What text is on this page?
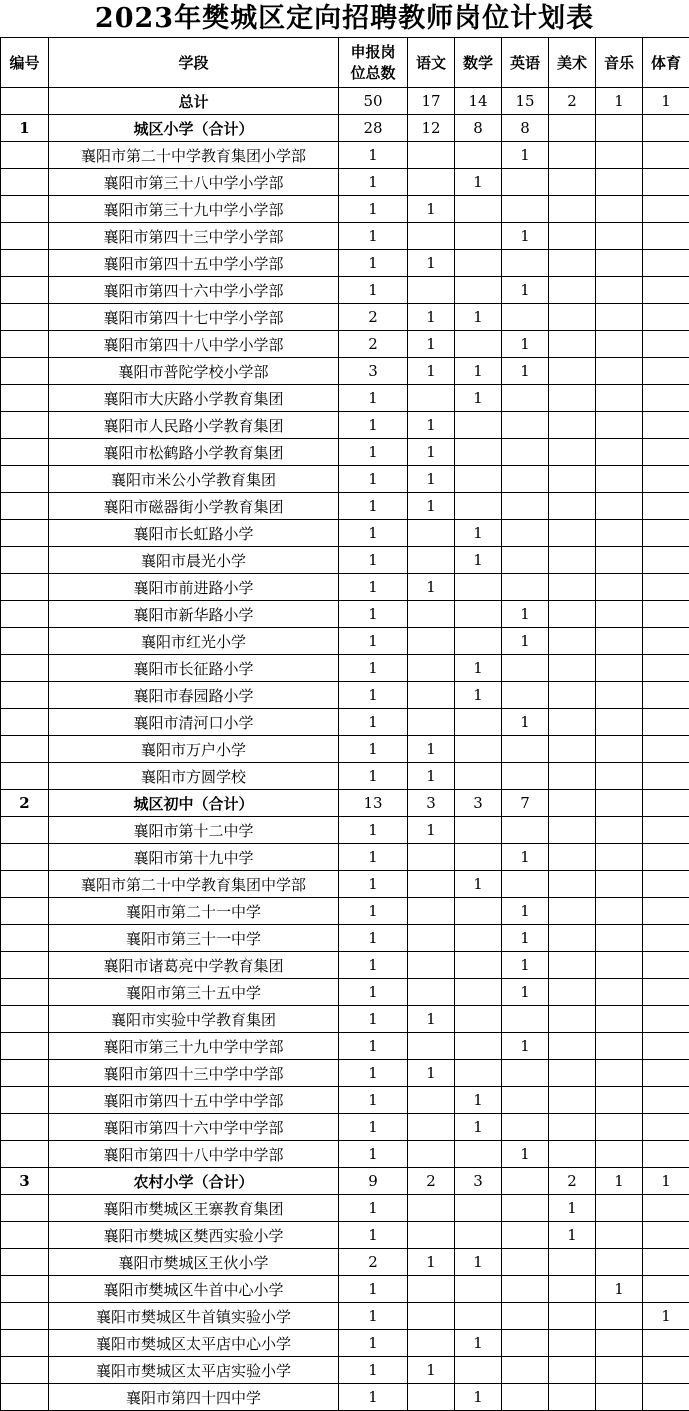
2023年樊城区定向招聘教师岗位计划表
编号	学段	申报岗
位总数	语文	数学	英语	美术	音乐	体育
	总计	50	17	14	15	2	1	1
1	城区小学（合计）	28	12	8	8			
	襄阳市第二十中学教育集团小学部	1			1			
	襄阳市第三十八中学小学部	1		1				
	襄阳市第三十九中学小学部	1	1					
	襄阳市第四十三中学小学部	1			1			
	襄阳市第四十五中学小学部	1	1					
	襄阳市第四十六中学小学部	1			1			
	襄阳市第四十七中学小学部	2	1	1				
	襄阳市第四十八中学小学部	2	1		1			
	襄阳市普陀学校小学部	3	1	1	1			
	襄阳市大庆路小学教育集团	1		1				
	襄阳市人民路小学教育集团	1	1					
	襄阳市松鹤路小学教育集团	1	1					
	襄阳市米公小学教育集团	1	1					
	襄阳市磁器街小学教育集团	1	1					
	襄阳市长虹路小学	1		1				
	襄阳市晨光小学	1		1				
	襄阳市前进路小学	1	1					
	襄阳市新华路小学	1			1			
	襄阳市红光小学	1			1			
	襄阳市长征路小学	1		1				
	襄阳市春园路小学	1		1				
	襄阳市清河口小学	1			1			
	襄阳市万户小学	1	1					
	襄阳市方圆学校	1	1					
2	城区初中（合计）	13	3	3	7			
	襄阳市第十二中学	1	1					
	襄阳市第十九中学	1			1			
	襄阳市第二十中学教育集团中学部	1		1				
	襄阳市第二十一中学	1			1			
	襄阳市第三十一中学	1			1			
	襄阳市诸葛亮中学教育集团	1			1			
	襄阳市第三十五中学	1			1			
	襄阳市实验中学教育集团	1	1					
	襄阳市第三十九中学中学部	1			1			
	襄阳市第四十三中学中学部	1	1					
	襄阳市第四十五中学中学部	1		1				
	襄阳市第四十六中学中学部	1		1				
	襄阳市第四十八中学中学部	1			1			
3	农村小学（合计）	9	2	3		2	1	1
	襄阳市樊城区王寨教育集团	1				1		
	襄阳市樊城区樊西实验小学	1				1		
	襄阳市樊城区王伙小学	2	1	1				
	襄阳市樊城区牛首中心小学	1					1	
	襄阳市樊城区牛首镇实验小学	1						1
	襄阳市樊城区太平店中心小学	1		1				
	襄阳市樊城区太平店实验小学	1	1					
	襄阳市第四十四中学	1		1				
